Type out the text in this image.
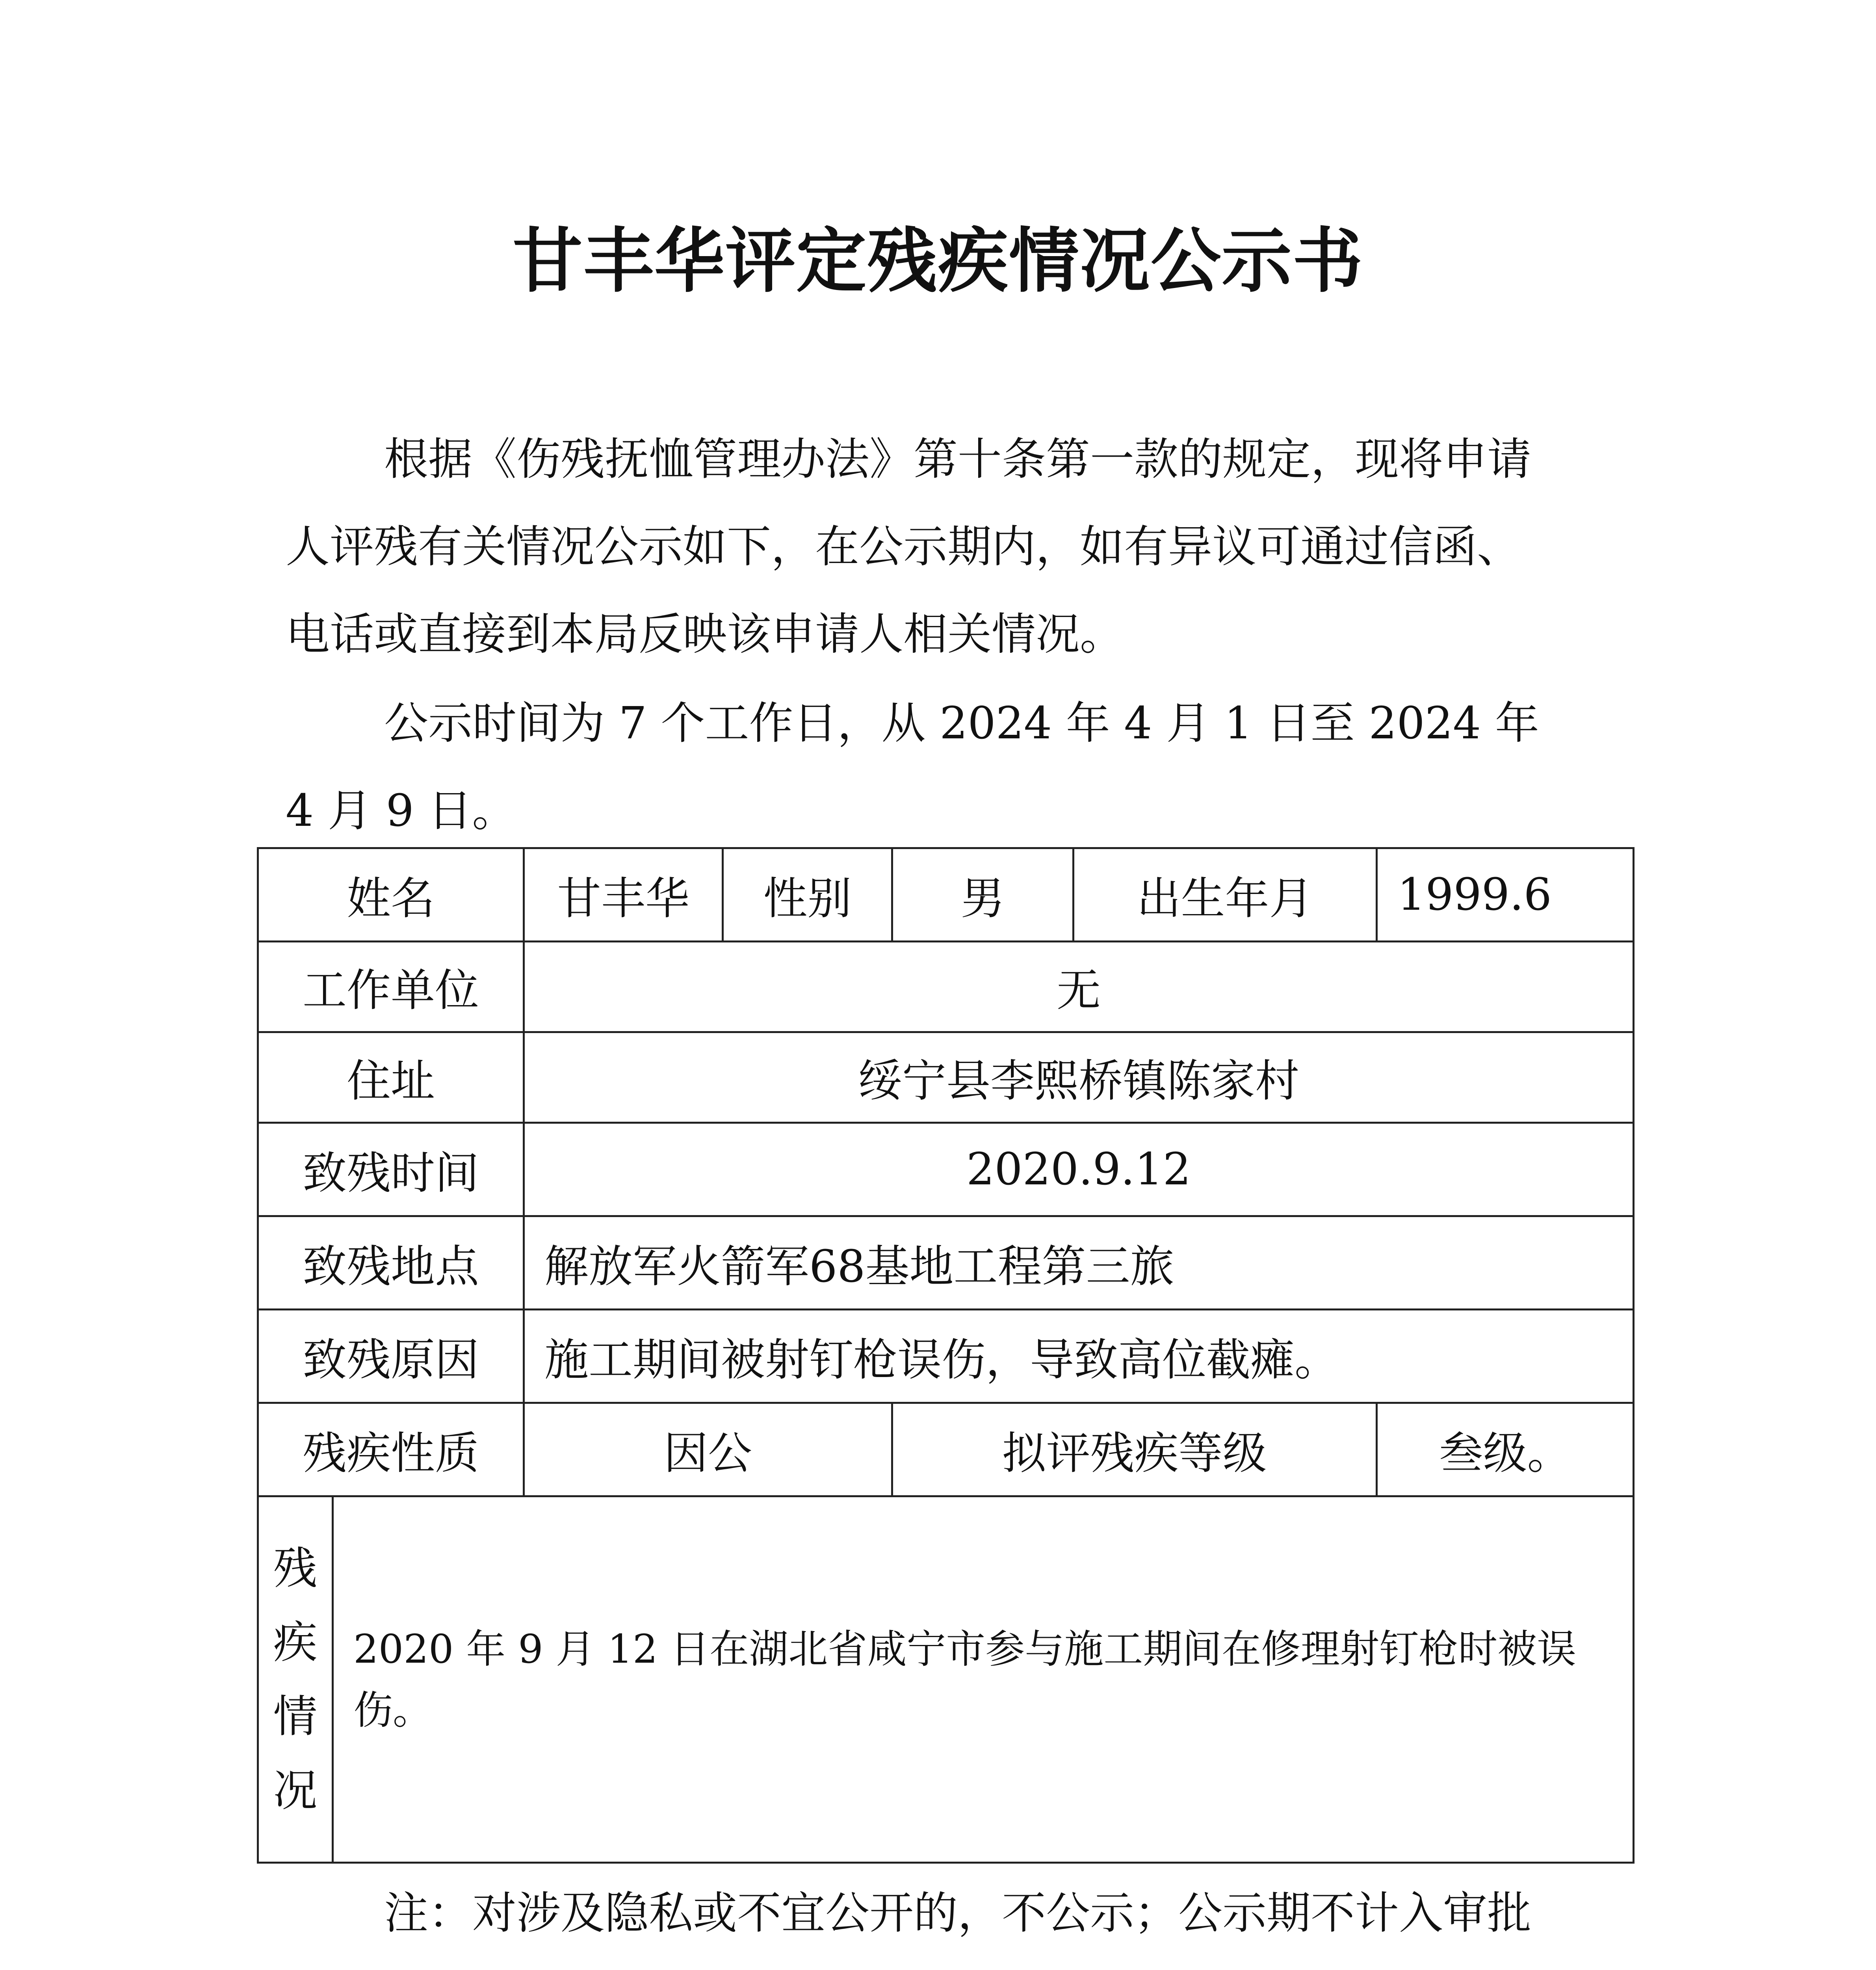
甘丰华评定残疾情况公示书

根据《伤残抚恤管理办法》第十条第一款的规定，现将申请人评残有关情况公示如下，在公示期内，如有异议可通过信函、电话或直接到本局反映该申请人相关情况。

公示时间为 7 个工作日，从 2024 年 4 月 1 日至 2024 年 4 月 9 日。

姓名		甘丰华	性别	男	出生年月	1999.6
工作单位		无				
住址		绥宁县李熙桥镇陈家村				
致残时间		2020.9.12				
致残地点		解放军火箭军68基地工程第三旅				
致残原因		施工期间被射钉枪误伤，导致高位截瘫。				
残疾性质		因公		拟评残疾等级		叁级。

残
疾
情
况	2020 年 9 月 12 日在湖北省咸宁市参与施工期间在修理射钉枪时被误伤。					

注：对涉及隐私或不宜公开的，不公示；公示期不计入审批
